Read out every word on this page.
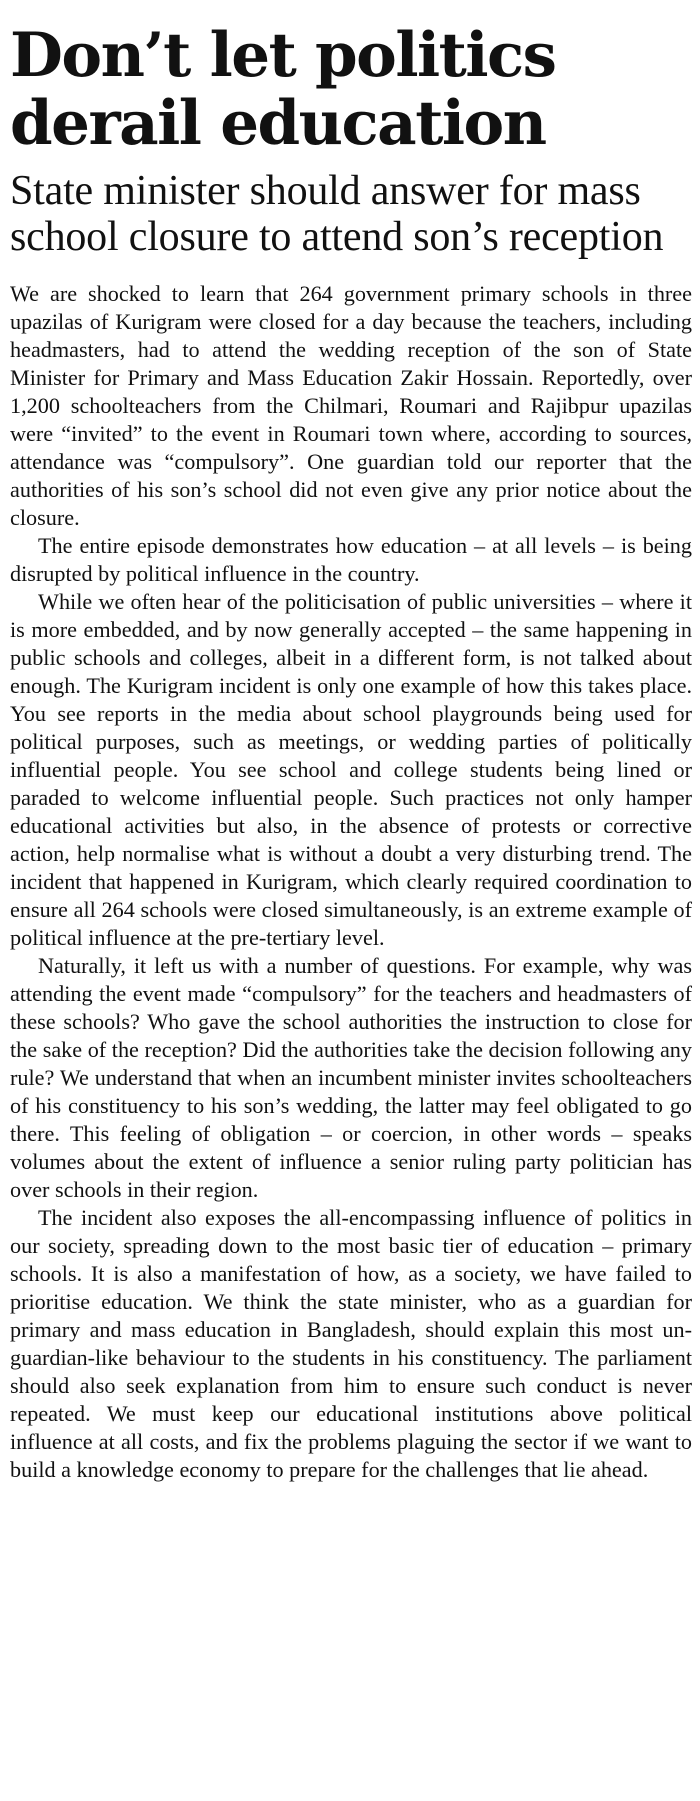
Don’t let politics derail education
State minister should answer for mass school closure to attend son’s reception

We are shocked to learn that 264 government primary schools in three upazilas of Kurigram were closed for a day because the teachers, including headmasters, had to attend the wedding reception of the son of State Minister for Primary and Mass Education Zakir Hossain. Reportedly, over 1,200 schoolteachers from the Chilmari, Roumari and Rajibpur upazilas were “invited” to the event in Roumari town where, according to sources, attendance was “compulsory”. One guardian told our reporter that the authorities of his son’s school did not even give any prior notice about the closure.

The entire episode demonstrates how education – at all levels – is being disrupted by political influence in the country.

While we often hear of the politicisation of public universities – where it is more embedded, and by now generally accepted – the same happening in public schools and colleges, albeit in a different form, is not talked about enough. The Kurigram incident is only one example of how this takes place. You see reports in the media about school playgrounds being used for political purposes, such as meetings, or wedding parties of politically influential people. You see school and college students being lined or paraded to welcome influential people. Such practices not only hamper educational activities but also, in the absence of protests or corrective action, help normalise what is without a doubt a very disturbing trend. The incident that happened in Kurigram, which clearly required coordination to ensure all 264 schools were closed simultaneously, is an extreme example of political influence at the pre-tertiary level.

Naturally, it left us with a number of questions. For example, why was attending the event made “compulsory” for the teachers and headmasters of these schools? Who gave the school authorities the instruction to close for the sake of the reception? Did the authorities take the decision following any rule? We understand that when an incumbent minister invites schoolteachers of his constituency to his son’s wedding, the latter may feel obligated to go there. This feeling of obligation – or coercion, in other words – speaks volumes about the extent of influence a senior ruling party politician has over schools in their region.

The incident also exposes the all-encompassing influence of politics in our society, spreading down to the most basic tier of education – primary schools. It is also a manifestation of how, as a society, we have failed to prioritise education. We think the state minister, who as a guardian for primary and mass education in Bangladesh, should explain this most unguardian-like behaviour to the students in his constituency. The parliament should also seek explanation from him to ensure such conduct is never repeated. We must keep our educational institutions above political influence at all costs, and fix the problems plaguing the sector if we want to build a knowledge economy to prepare for the challenges that lie ahead.
